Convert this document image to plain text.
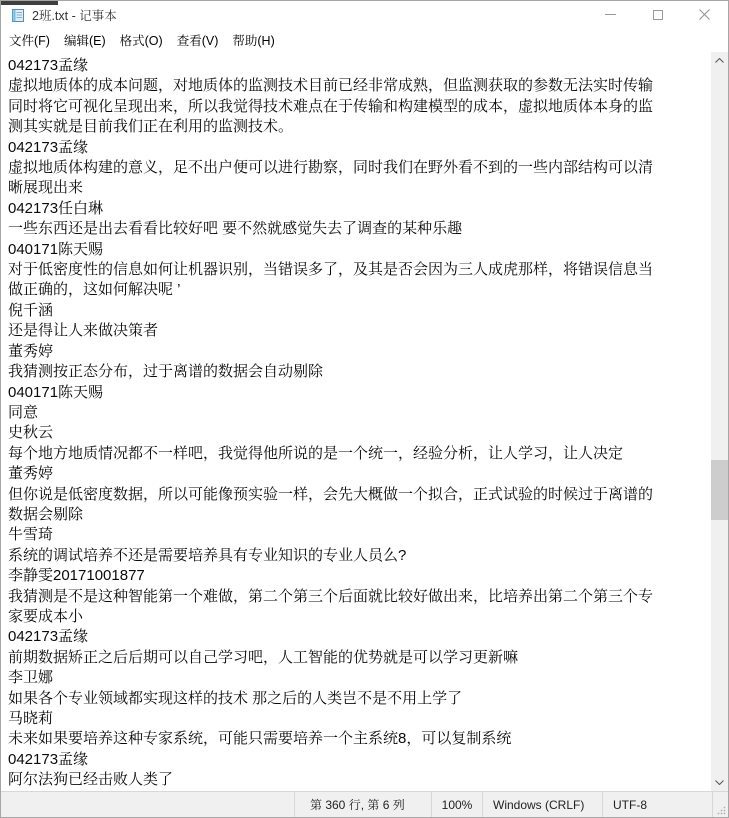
2班.txt - 记事本
文件(F)	编辑(E)	格式(O)	查看(V)	帮助(H)
042173孟缘
虚拟地质体的成本问题，对地质体的监测技术目前已经非常成熟，但监测获取的参数无法实时传输
同时将它可视化呈现出来，所以我觉得技术难点在于传输和构建模型的成本，虚拟地质体本身的监
测其实就是目前我们正在利用的监测技术。
042173孟缘
虚拟地质体构建的意义，足不出户便可以进行勘察，同时我们在野外看不到的一些内部结构可以清
晰展现出来
042173任白琳
一些东西还是出去看看比较好吧 要不然就感觉失去了调查的某种乐趣
040171陈天赐
对于低密度性的信息如何让机器识别，当错误多了，及其是否会因为三人成虎那样，将错误信息当
做正确的，这如何解决呢 ’
倪千涵
还是得让人来做决策者
董秀婷
我猜测按正态分布，过于离谱的数据会自动剔除
040171陈天赐
同意
史秋云
每个地方地质情况都不一样吧，我觉得他所说的是一个统一，经验分析，让人学习，让人决定
董秀婷
但你说是低密度数据，所以可能像预实验一样，会先大概做一个拟合，正式试验的时候过于离谱的
数据会剔除
牛雪琦
系统的调试培养不还是需要培养具有专业知识的专业人员么?
李静雯20171001877
我猜测是不是这种智能第一个难做，第二个第三个后面就比较好做出来，比培养出第二个第三个专
家要成本小
042173孟缘
前期数据矫正之后后期可以自己学习吧，人工智能的优势就是可以学习更新嘛
李卫娜
如果各个专业领域都实现这样的技术 那之后的人类岂不是不用上学了
马晓莉
未来如果要培养这种专家系统，可能只需要培养一个主系统8，可以复制系统
042173孟缘
阿尔法狗已经击败人类了
第 360 行, 第 6 列	100%	Windows (CRLF)	UTF-8
